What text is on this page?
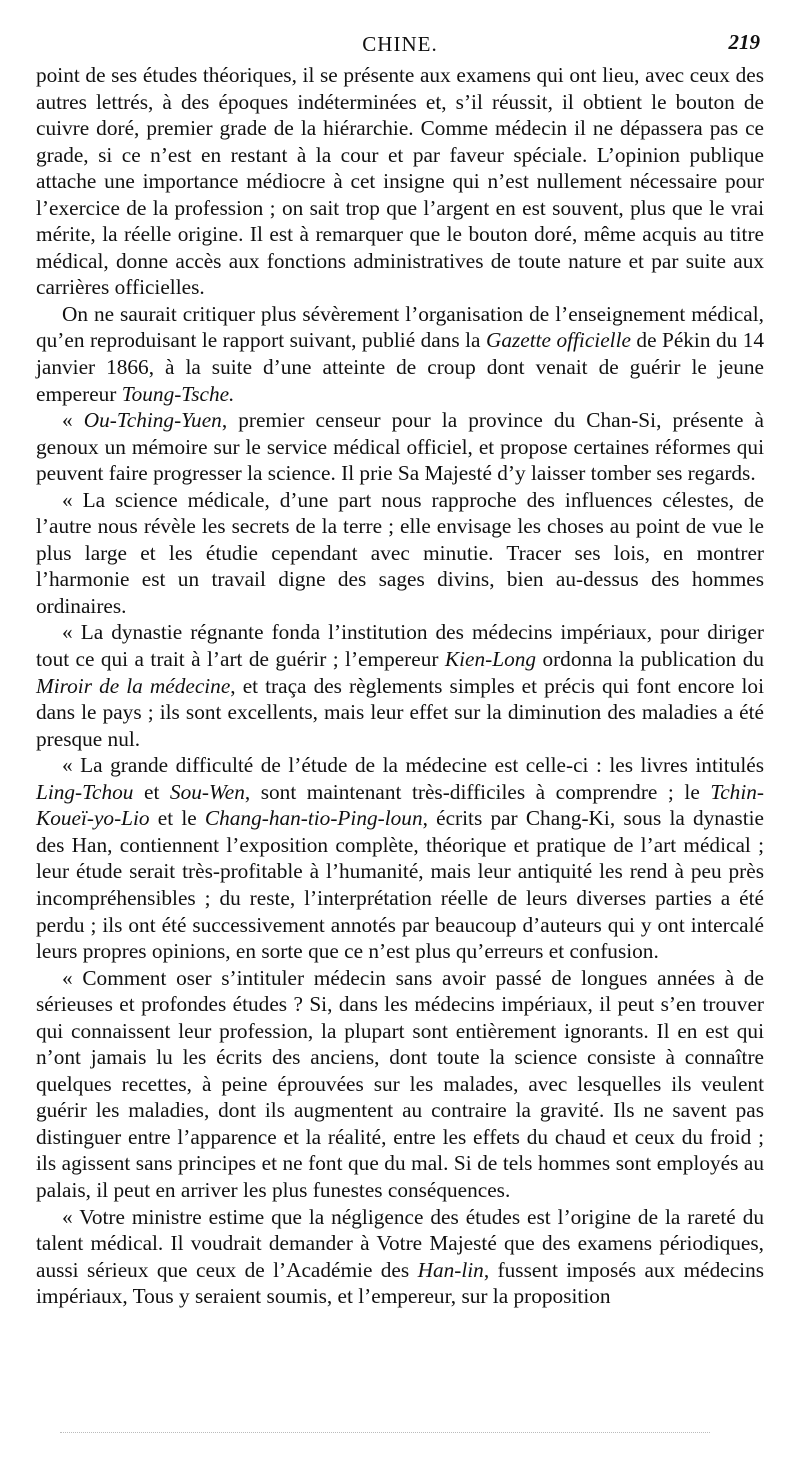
CHINE.	219

point de ses études théoriques, il se présente aux examens qui ont lieu, avec ceux des autres lettrés, à des époques indéterminées et, s’il réussit, il obtient le bouton de cuivre doré, premier grade de la hiérarchie. Comme médecin il ne dépassera pas ce grade, si ce n’est en restant à la cour et par faveur spéciale. L’opinion publique attache une importance médiocre à cet insigne qui n’est nullement nécessaire pour l’exercice de la profession ; on sait trop que l’argent en est souvent, plus que le vrai mérite, la réelle origine. Il est à remarquer que le bouton doré, même acquis au titre médical, donne accès aux fonctions administratives de toute nature et par suite aux carrières officielles.

On ne saurait critiquer plus sévèrement l’organisation de l’enseignement médical, qu’en reproduisant le rapport suivant, publié dans la Gazette officielle de Pékin du 14 janvier 1866, à la suite d’une atteinte de croup dont venait de guérir le jeune empereur Toung-Tsche.

« Ou-Tching-Yuen, premier censeur pour la province du Chan-Si, présente à genoux un mémoire sur le service médical officiel, et propose certaines réformes qui peuvent faire progresser la science. Il prie Sa Majesté d’y laisser tomber ses regards.

« La science médicale, d’une part nous rapproche des influences célestes, de l’autre nous révèle les secrets de la terre ; elle envisage les choses au point de vue le plus large et les étudie cependant avec minutie. Tracer ses lois, en montrer l’harmonie est un travail digne des sages divins, bien au-dessus des hommes ordinaires.

« La dynastie régnante fonda l’institution des médecins impériaux, pour diriger tout ce qui a trait à l’art de guérir ; l’empereur Kien-Long ordonna la publication du Miroir de la médecine, et traça des règlements simples et précis qui font encore loi dans le pays ; ils sont excellents, mais leur effet sur la diminution des maladies a été presque nul.

« La grande difficulté de l’étude de la médecine est celle-ci : les livres intitulés Ling-Tchou et Sou-Wen, sont maintenant très-difficiles à comprendre ; le Tchin-Koueï-yo-Lio et le Chang-han-tio-Ping-loun, écrits par Chang-Ki, sous la dynastie des Han, contiennent l’exposition complète, théorique et pratique de l’art médical ; leur étude serait très-profitable à l’humanité, mais leur antiquité les rend à peu près incompréhensibles ; du reste, l’interprétation réelle de leurs diverses parties a été perdu ; ils ont été successivement annotés par beaucoup d’auteurs qui y ont intercalé leurs propres opinions, en sorte que ce n’est plus qu’erreurs et confusion.

« Comment oser s’intituler médecin sans avoir passé de longues années à de sérieuses et profondes études ? Si, dans les médecins impériaux, il peut s’en trouver qui connaissent leur profession, la plupart sont entièrement ignorants. Il en est qui n’ont jamais lu les écrits des anciens, dont toute la science consiste à connaître quelques recettes, à peine éprouvées sur les malades, avec lesquelles ils veulent guérir les maladies, dont ils augmentent au contraire la gravité. Ils ne savent pas distinguer entre l’apparence et la réalité, entre les effets du chaud et ceux du froid ; ils agissent sans principes et ne font que du mal. Si de tels hommes sont employés au palais, il peut en arriver les plus funestes conséquences.

« Votre ministre estime que la négligence des études est l’origine de la rareté du talent médical. Il voudrait demander à Votre Majesté que des examens périodiques, aussi sérieux que ceux de l’Académie des Han-lin, fussent imposés aux médecins impériaux, Tous y seraient soumis, et l’empereur, sur la proposition
